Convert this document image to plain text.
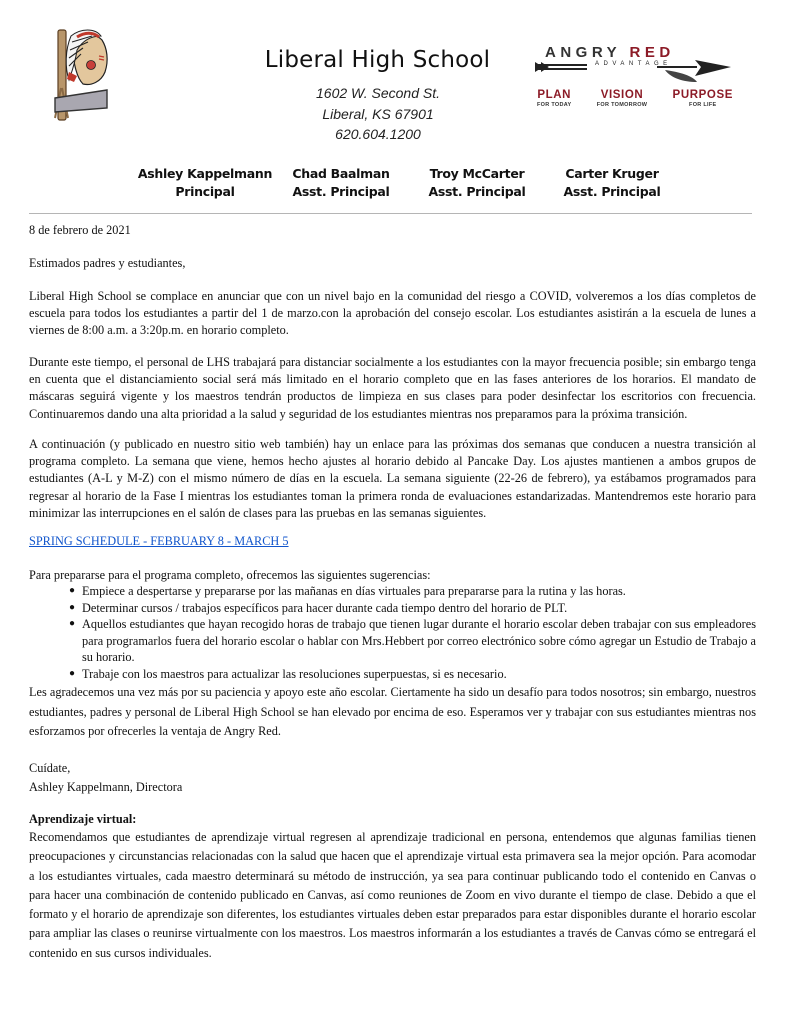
Liberal High School
1602 W. Second St.
Liberal, KS 67901
620.604.1200
ANGRY RED
ADVANTAGE
PLAN
FOR TODAY
VISION
FOR TOMORROW
PURPOSE
FOR LIFE
Ashley Kappelmann
Principal
Chad Baalman
Asst. Principal
Troy McCarter
Asst. Principal
Carter Kruger
Asst. Principal
8 de febrero de 2021
Estimados padres y estudiantes,
Liberal High School se complace en anunciar que con un nivel bajo en la comunidad del riesgo a COVID, volveremos a los días completos de escuela para todos los estudiantes a partir del 1 de marzo.con la aprobación del consejo escolar. Los estudiantes asistirán a la escuela de lunes a viernes de 8:00 a.m. a 3:20p.m. en horario completo.
Durante este tiempo, el personal de LHS trabajará para distanciar socialmente a los estudiantes con la mayor frecuencia posible; sin embargo tenga en cuenta que el distanciamiento social será más limitado en el horario completo que en las fases anteriores de los horarios. El mandato de máscaras seguirá vigente y los maestros tendrán productos de limpieza en sus clases para poder desinfectar los escritorios con frecuencia. Continuaremos dando una alta prioridad a la salud y seguridad de los estudiantes mientras nos preparamos para la próxima transición.
A continuación (y publicado en nuestro sitio web también) hay un enlace para las próximas dos semanas que conducen a nuestra transición al programa completo. La semana que viene, hemos hecho ajustes al horario debido al Pancake Day. Los ajustes mantienen a ambos grupos de estudiantes (A-L y M-Z) con el mismo número de días en la escuela. La semana siguiente (22-26 de febrero), ya estábamos programados para regresar al horario de la Fase I mientras los estudiantes toman la primera ronda de evaluaciones estandarizadas. Mantendremos este horario para minimizar las interrupciones en el salón de clases para las pruebas en las semanas siguientes.
SPRING SCHEDULE - FEBRUARY 8 - MARCH 5
Para prepararse para el programa completo, ofrecemos las siguientes sugerencias:
● Empiece a despertarse y prepararse por las mañanas en días virtuales para prepararse para la rutina y las horas.
● Determinar cursos / trabajos específicos para hacer durante cada tiempo dentro del horario de PLT.
● Aquellos estudiantes que hayan recogido horas de trabajo que tienen lugar durante el horario escolar deben trabajar con sus empleadores para programarlos fuera del horario escolar o hablar con Mrs.Hebbert por correo electrónico sobre cómo agregar un Estudio de Trabajo a su horario.
● Trabaje con los maestros para actualizar las resoluciones superpuestas, si es necesario.
Les agradecemos una vez más por su paciencia y apoyo este año escolar. Ciertamente ha sido un desafío para todos nosotros; sin embargo, nuestros estudiantes, padres y personal de Liberal High School se han elevado por encima de eso. Esperamos ver y trabajar con sus estudiantes mientras nos esforzamos por ofrecerles la ventaja de Angry Red.
Cuídate,
Ashley Kappelmann, Directora
Aprendizaje virtual:
Recomendamos que estudiantes de aprendizaje virtual regresen al aprendizaje tradicional en persona, entendemos que algunas familias tienen preocupaciones y circunstancias relacionadas con la salud que hacen que el aprendizaje virtual esta primavera sea la mejor opción. Para acomodar a los estudiantes virtuales, cada maestro determinará su método de instrucción, ya sea para continuar publicando todo el contenido en Canvas o para hacer una combinación de contenido publicado en Canvas, así como reuniones de Zoom en vivo durante el tiempo de clase. Debido a que el formato y el horario de aprendizaje son diferentes, los estudiantes virtuales deben estar preparados para estar disponibles durante el horario escolar para ampliar las clases o reunirse virtualmente con los maestros. Los maestros informarán a los estudiantes a través de Canvas cómo se entregará el contenido en sus cursos individuales.
